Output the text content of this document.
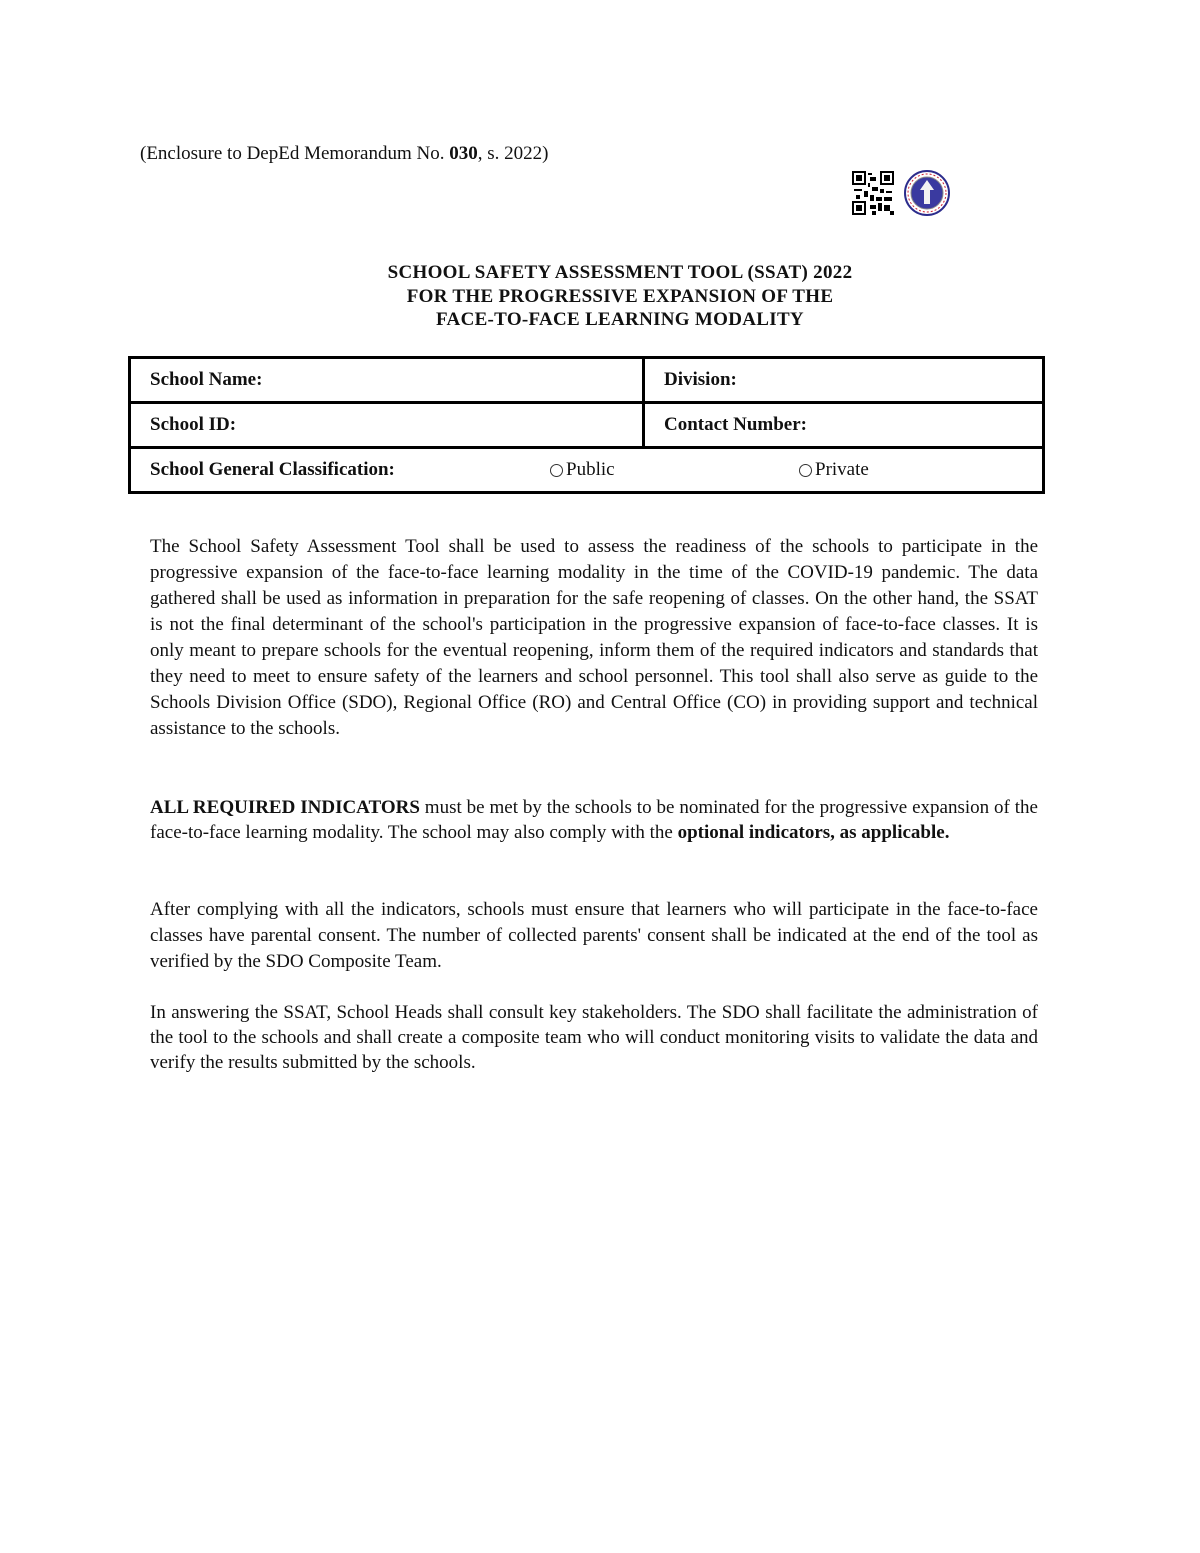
(Enclosure to DepEd Memorandum No. 030, s. 2022)
SCHOOL SAFETY ASSESSMENT TOOL (SSAT) 2022
FOR THE PROGRESSIVE EXPANSION OF THE
FACE-TO-FACE LEARNING MODALITY
School Name:	Division:
School ID:	Contact Number:

School General Classification: Public Private	

The School Safety Assessment Tool shall be used to assess the readiness of the schools to participate in the progressive expansion of the face-to-face learning modality in the time of the COVID-19 pandemic. The data gathered shall be used as information in preparation for the safe reopening of classes. On the other hand, the SSAT is not the final determinant of the school's participation in the progressive expansion of face-to-face classes. It is only meant to prepare schools for the eventual reopening, inform them of the required indicators and standards that they need to meet to ensure safety of the learners and school personnel. This tool shall also serve as guide to the Schools Division Office (SDO), Regional Office (RO) and Central Office (CO) in providing support and technical assistance to the schools.

ALL REQUIRED INDICATORS must be met by the schools to be nominated for the progressive expansion of the face-to-face learning modality. The school may also comply with the optional indicators, as applicable.

After complying with all the indicators, schools must ensure that learners who will participate in the face-to-face classes have parental consent. The number of collected parents' consent shall be indicated at the end of the tool as verified by the SDO Composite Team.

In answering the SSAT, School Heads shall consult key stakeholders. The SDO shall facilitate the administration of the tool to the schools and shall create a composite team who will conduct monitoring visits to validate the data and verify the results submitted by the schools.
